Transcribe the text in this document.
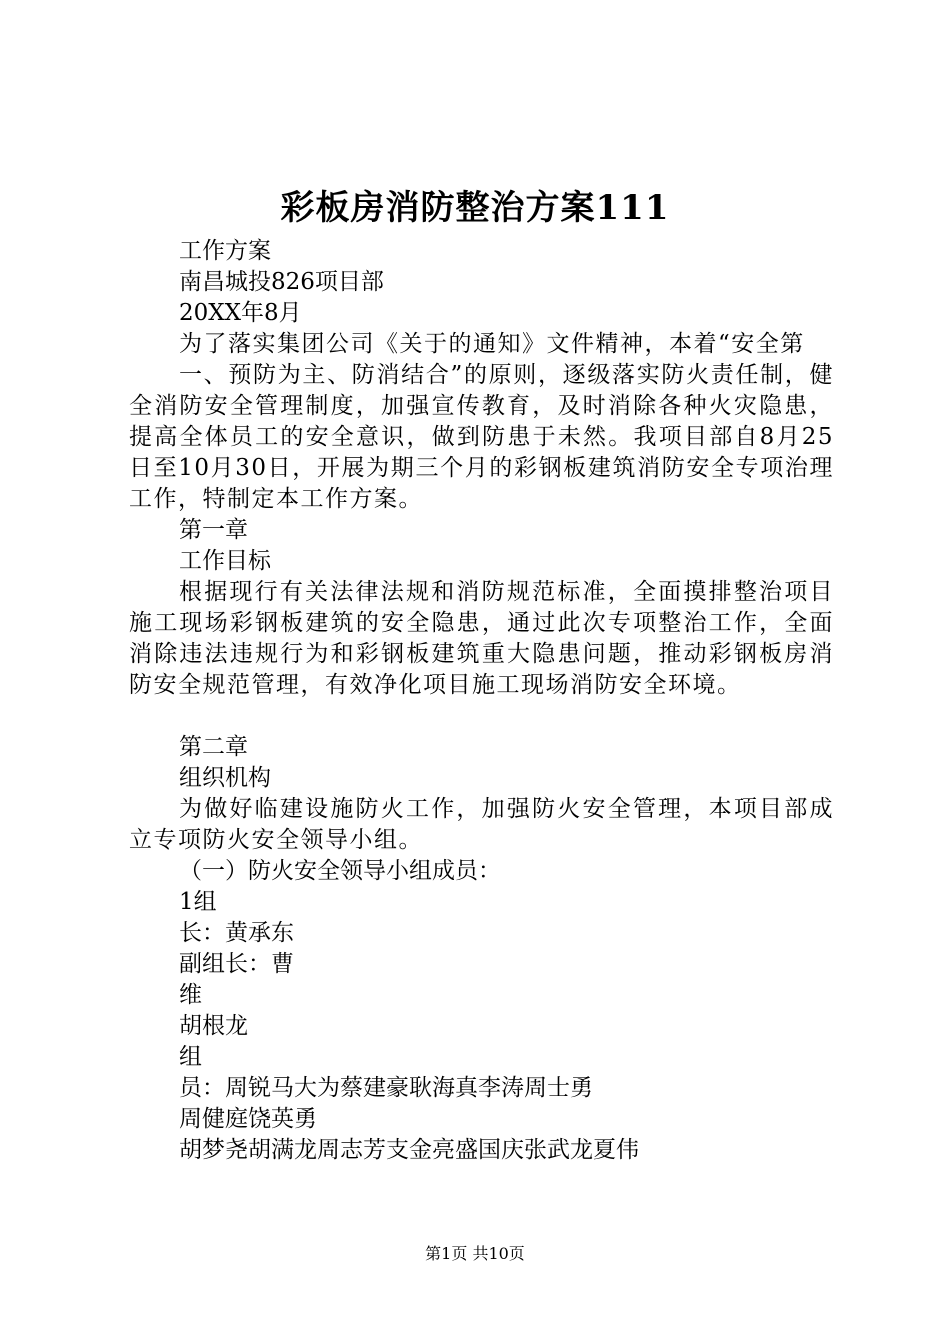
彩板房消防整治方案111

工作方案

南昌城投826项目部

20XX年8月

为了落实集团公司《关于的通知》文件精神，本着“安全第

一、预防为主、防消结合”的原则，逐级落实防火责任制，健全消防安全管理制度，加强宣传教育，及时消除各种火灾隐患，提高全体员工的安全意识，做到防患于未然。我项目部自8月25日至10月30日，开展为期三个月的彩钢板建筑消防安全专项治理工作，特制定本工作方案。

第一章

工作目标

根据现行有关法律法规和消防规范标准，全面摸排整治项目施工现场彩钢板建筑的安全隐患，通过此次专项整治工作，全面消除违法违规行为和彩钢板建筑重大隐患问题，推动彩钢板房消防安全规范管理，有效净化项目施工现场消防安全环境。

第二章

组织机构

为做好临建设施防火工作，加强防火安全管理，本项目部成立专项防火安全领导小组。

（一）防火安全领导小组成员：

1组

长：黄承东

副组长：曹

维

胡根龙

组

员：周锐马大为蔡建豪耿海真李涛周士勇

周健庭饶英勇

胡梦尧胡满龙周志芳支金亮盛国庆张武龙夏伟

第1页 共10页
